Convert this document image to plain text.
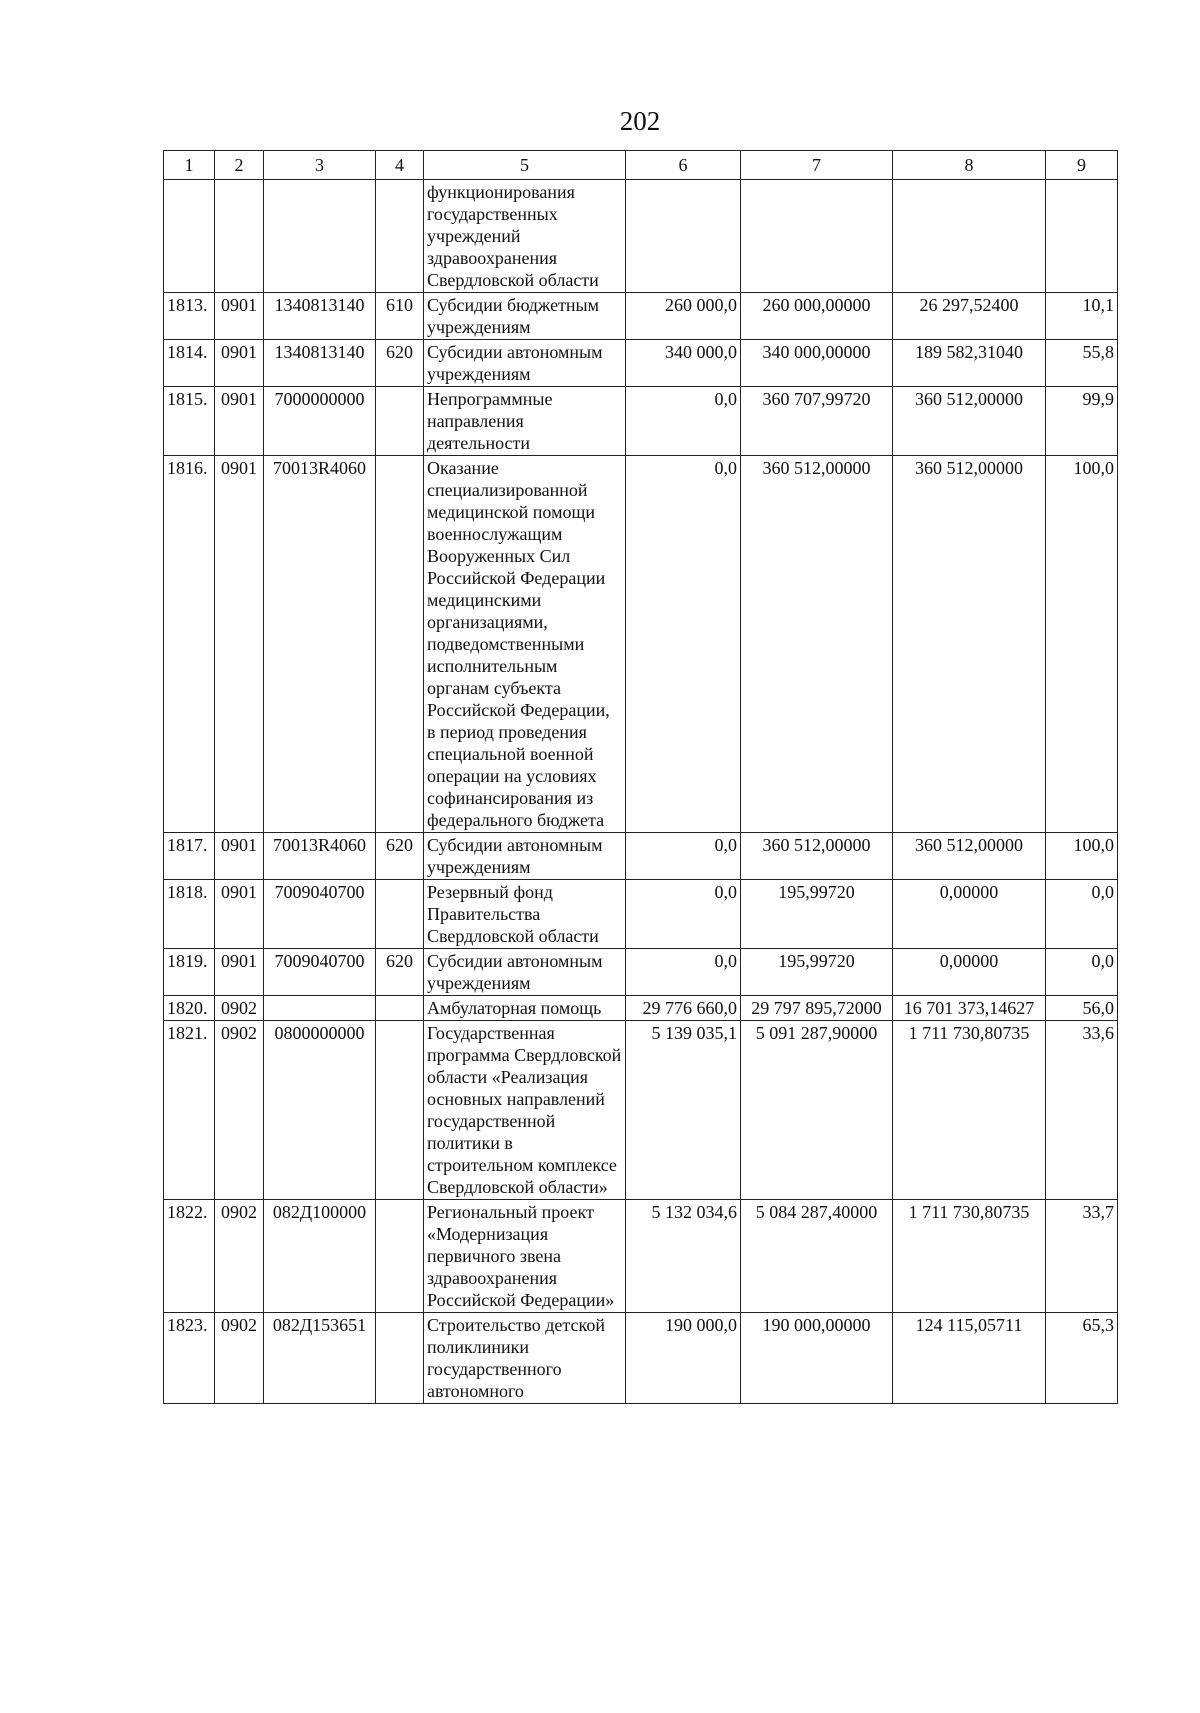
202
1	2	3	4	5	6	7	8	9
				функционирования государственных учреждений здравоохранения Свердловской области				
1813.	0901	1340813140	610	Субсидии бюджетным учреждениям	260 000,0	260 000,00000	26 297,52400	10,1
1814.	0901	1340813140	620	Субсидии автономным учреждениям	340 000,0	340 000,00000	189 582,31040	55,8
1815.	0901	7000000000		Непрограммные направления деятельности	0,0	360 707,99720	360 512,00000	99,9
1816.	0901	70013R4060		Оказание специализированной медицинской помощи военнослужащим Вооруженных Сил Российской Федерации медицинскими организациями, подведомственными исполнительным органам субъекта Российской Федерации, в период проведения специальной военной операции на условиях софинансирования из федерального бюджета	0,0	360 512,00000	360 512,00000	100,0
1817.	0901	70013R4060	620	Субсидии автономным учреждениям	0,0	360 512,00000	360 512,00000	100,0
1818.	0901	7009040700		Резервный фонд Правительства Свердловской области	0,0	195,99720	0,00000	0,0
1819.	0901	7009040700	620	Субсидии автономным учреждениям	0,0	195,99720	0,00000	0,0
1820.	0902			Амбулаторная помощь	29 776 660,0	29 797 895,72000	16 701 373,14627	56,0
1821.	0902	0800000000		Государственная программа Свердловской области «Реализация основных направлений государственной политики в строительном комплексе Свердловской области»	5 139 035,1	5 091 287,90000	1 711 730,80735	33,6
1822.	0902	082Д100000		Региональный проект «Модернизация первичного звена здравоохранения Российской Федерации»	5 132 034,6	5 084 287,40000	1 711 730,80735	33,7
1823.	0902	082Д153651		Строительство детской поликлиники государственного автономного	190 000,0	190 000,00000	124 115,05711	65,3
